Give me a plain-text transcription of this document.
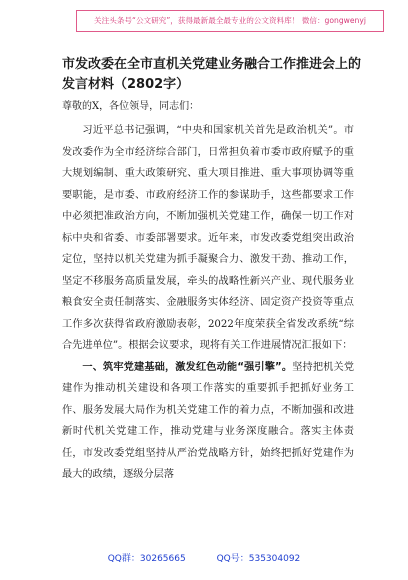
关注头条号“公文研究”，获得最新最全最专业的公文资料库！ 微信：gongwenyj
市发改委在全市直机关党建业务融合工作推进会上的发言材料（2802字）
尊敬的X，各位领导，同志们：

习近平总书记强调，“中央和国家机关首先是政治机关”。市发改委作为全市经济综合部门，日常担负着市委市政府赋予的重大规划编制、重大政策研究、重大项目推进、重大事项协调等重要职能，是市委、市政府经济工作的参谋助手，这些都要求工作中必须把准政治方向，不断加强机关党建工作，确保一切工作对标中央和省委、市委部署要求。近年来，市发改委党组突出政治定位，坚持以机关党建为抓手凝聚合力、激发干劲、推动工作，坚定不移服务高质量发展，牵头的战略性新兴产业、现代服务业粮食安全责任制落实、金融服务实体经济、固定资产投资等重点工作多次获得省政府激励表彰，2022年度荣获全省发改系统“综合先进单位”。根据会议要求，现将有关工作进展情况汇报如下：

一、筑牢党建基础，激发红色动能“强引擎”。坚持把机关党建作为推动机关建设和各项工作落实的重要抓手把抓好业务工作、服务发展大局作为机关党建工作的着力点，不断加强和改进新时代机关党建工作，推动党建与业务深度融合。落实主体责任，市发改委党组坚持从严治党战略方针，始终把抓好党建作为最大的政绩，逐级分层落

QQ群：30265665	QQ号：535304092
